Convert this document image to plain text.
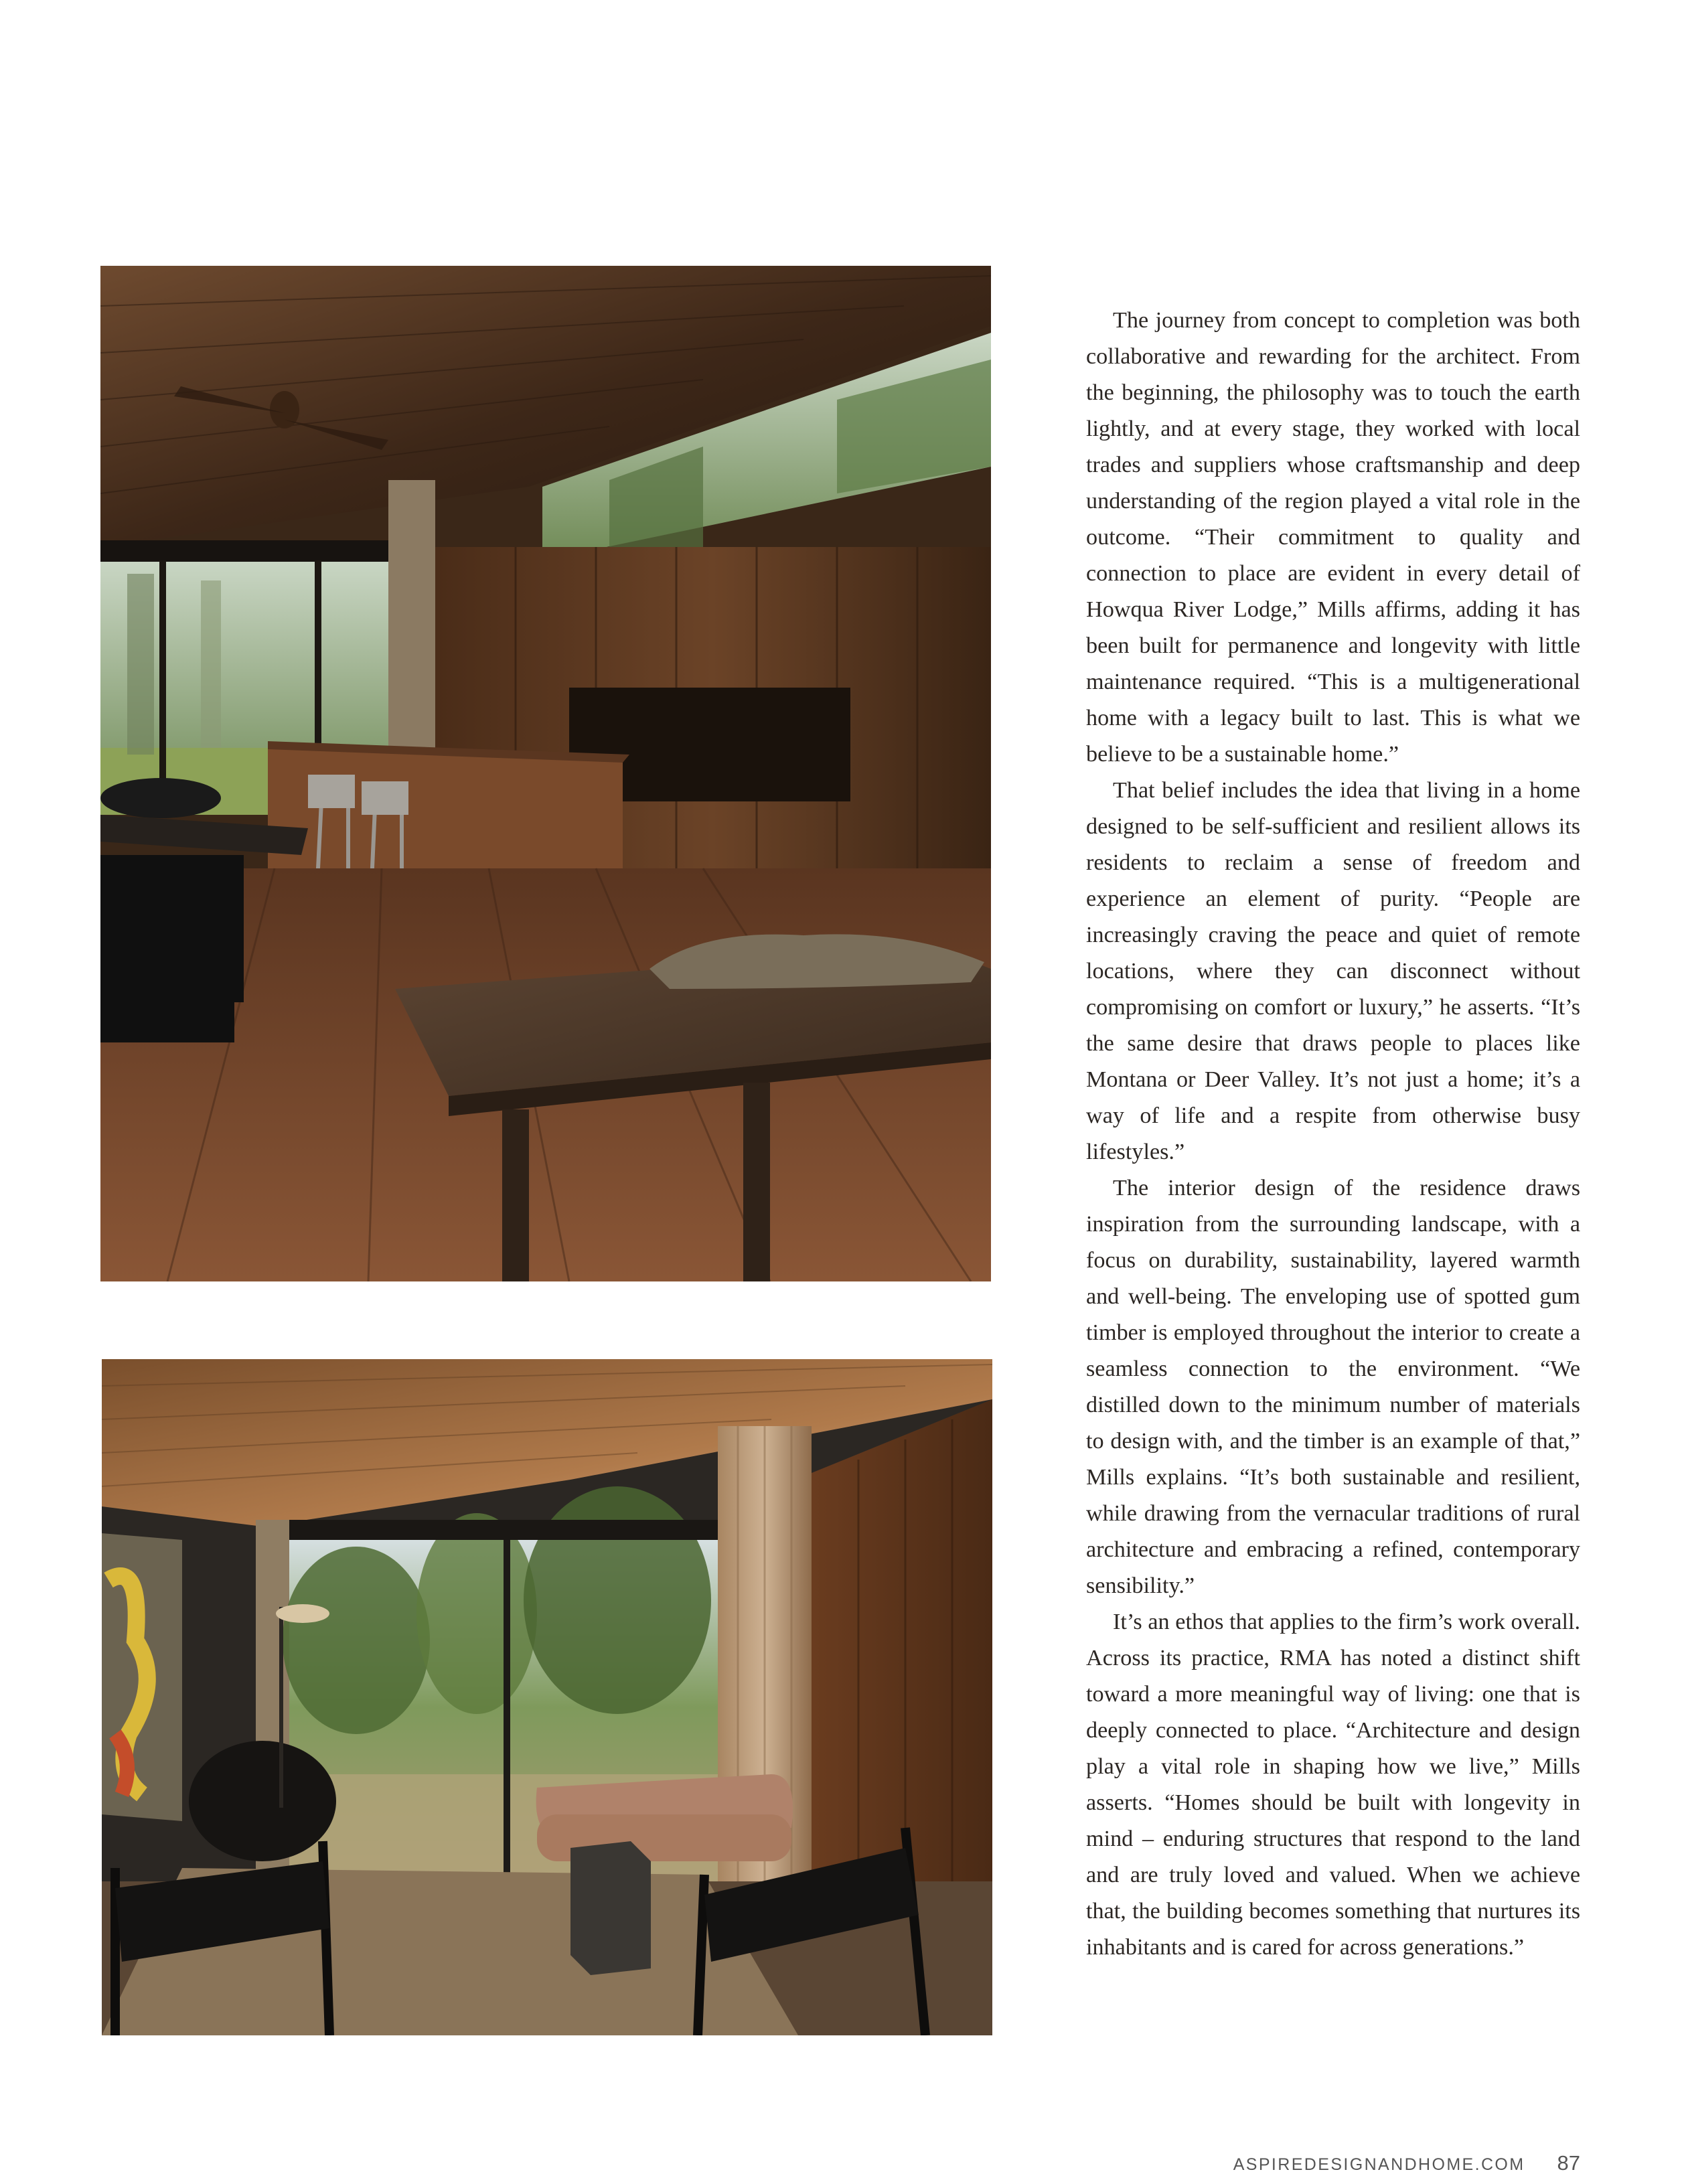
The journey from concept to completion was both collaborative and rewarding for the architect. From the beginning, the philosophy was to touch the earth lightly, and at every stage, they worked with local trades and suppliers whose craftsmanship and deep understanding of the region played a vital role in the outcome. “Their commitment to quality and connection to place are evident in every detail of Howqua River Lodge,” Mills affirms, adding it has been built for permanence and longevity with little maintenance required. “This is a multigenerational home with a legacy built to last. This is what we believe to be a sustainable home.”

That belief includes the idea that living in a home designed to be self-sufficient and resilient allows its residents to reclaim a sense of freedom and experience an element of purity. “People are increasingly craving the peace and quiet of remote locations, where they can disconnect without compromising on comfort or luxury,” he asserts. “It’s the same desire that draws people to places like Montana or Deer Valley. It’s not just a home; it’s a way of life and a respite from otherwise busy lifestyles.”

The interior design of the residence draws inspiration from the surrounding landscape, with a focus on durability, sustainability, layered warmth and well-being. The enveloping use of spotted gum timber is employed throughout the interior to create a seamless connection to the environment. “We distilled down to the minimum number of materials to design with, and the timber is an example of that,” Mills explains. “It’s both sustainable and resilient, while drawing from the vernacular traditions of rural architecture and embracing a refined, contemporary sensibility.”

It’s an ethos that applies to the firm’s work overall. Across its practice, RMA has noted a distinct shift toward a more meaningful way of living: one that is deeply connected to place. “Architecture and design play a vital role in shaping how we live,” Mills asserts. “Homes should be built with longevity in mind – enduring structures that respond to the land and are truly loved and valued. When we achieve that, the building becomes something that nurtures its inhabitants and is cared for across generations.”

ASPIREDESIGNANDHOME.COM 87
